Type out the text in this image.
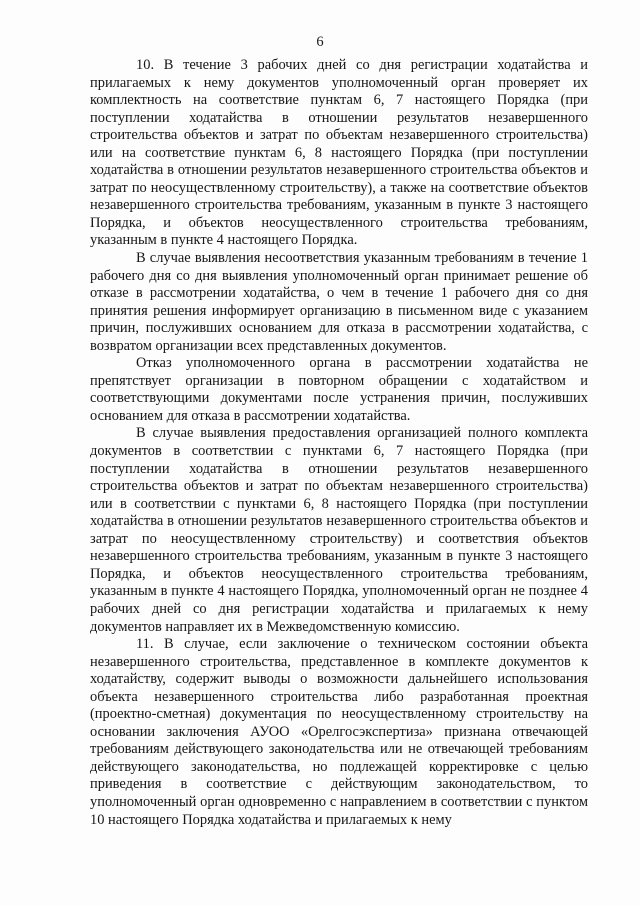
6

10. В течение 3 рабочих дней со дня регистрации ходатайства и прилагаемых к нему документов уполномоченный орган проверяет их комплектность на соответствие пунктам 6, 7 настоящего Порядка (при поступлении ходатайства в отношении результатов незавершенного строительства объектов и затрат по объектам незавершенного строительства) или на соответствие пунктам 6, 8 настоящего Порядка (при поступлении ходатайства в отношении результатов незавершенного строительства объектов и затрат по неосуществленному строительству), а также на соответствие объектов незавершенного строительства требованиям, указанным в пункте 3 настоящего Порядка, и объектов неосуществленного строительства требованиям, указанным в пункте 4 настоящего Порядка.

В случае выявления несоответствия указанным требованиям в течение 1 рабочего дня со дня выявления уполномоченный орган принимает решение об отказе в рассмотрении ходатайства, о чем в течение 1 рабочего дня со дня принятия решения информирует организацию в письменном виде с указанием причин, послуживших основанием для отказа в рассмотрении ходатайства, с возвратом организации всех представленных документов.

Отказ уполномоченного органа в рассмотрении ходатайства не препятствует организации в повторном обращении с ходатайством и соответствующими документами после устранения причин, послуживших основанием для отказа в рассмотрении ходатайства.

В случае выявления предоставления организацией полного комплекта документов в соответствии с пунктами 6, 7 настоящего Порядка (при поступлении ходатайства в отношении результатов незавершенного строительства объектов и затрат по объектам незавершенного строительства) или в соответствии с пунктами 6, 8 настоящего Порядка (при поступлении ходатайства в отношении результатов незавершенного строительства объектов и затрат по неосуществленному строительству) и соответствия объектов незавершенного строительства требованиям, указанным в пункте 3 настоящего Порядка, и объектов неосуществленного строительства требованиям, указанным в пункте 4 настоящего Порядка, уполномоченный орган не позднее 4 рабочих дней со дня регистрации ходатайства и прилагаемых к нему документов направляет их в Межведомственную комиссию.

11. В случае, если заключение о техническом состоянии объекта незавершенного строительства, представленное в комплекте документов к ходатайству, содержит выводы о возможности дальнейшего использования объекта незавершенного строительства либо разработанная проектная (проектно-сметная) документация по неосуществленному строительству на основании заключения АУОО «Орелгосэкспертиза» признана отвечающей требованиям действующего законодательства или не отвечающей требованиям действующего законодательства, но подлежащей корректировке с целью приведения в соответствие с действующим законодательством, то уполномоченный орган одновременно с направлением в соответствии с пунктом 10 настоящего Порядка ходатайства и прилагаемых к нему
